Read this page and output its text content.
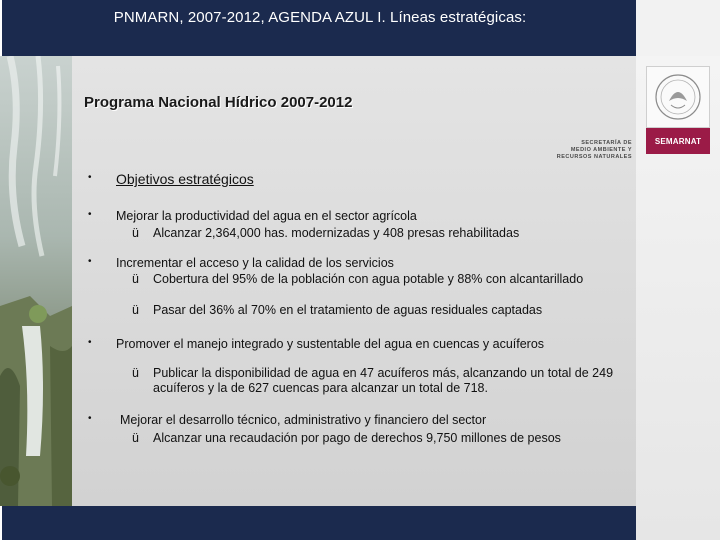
PNMARN, 2007-2012, AGENDA AZUL I. Líneas estratégicas:
Programa Nacional Hídrico 2007-2012
SEMARNAT
SECRETARÍA DE
MEDIO AMBIENTE Y
RECURSOS NATURALES
• Objetivos estratégicos
• Mejorar la productividad del agua en el sector agrícola
ü Alcanzar 2,364,000 has. modernizadas y 408 presas rehabilitadas
• Incrementar el acceso y la calidad de los servicios
ü Cobertura del 95% de la población con agua potable y 88% con alcantarillado
ü Pasar del 36% al 70% en el tratamiento de aguas residuales captadas
• Promover el manejo integrado y sustentable del agua en cuencas y acuíferos
ü Publicar la disponibilidad de agua en 47 acuíferos más, alcanzando un total de 249 acuíferos y la de 627 cuencas para alcanzar un total de 718.
• Mejorar el desarrollo técnico, administrativo y financiero del sector
ü Alcanzar una recaudación por pago de derechos 9,750 millones de pesos
